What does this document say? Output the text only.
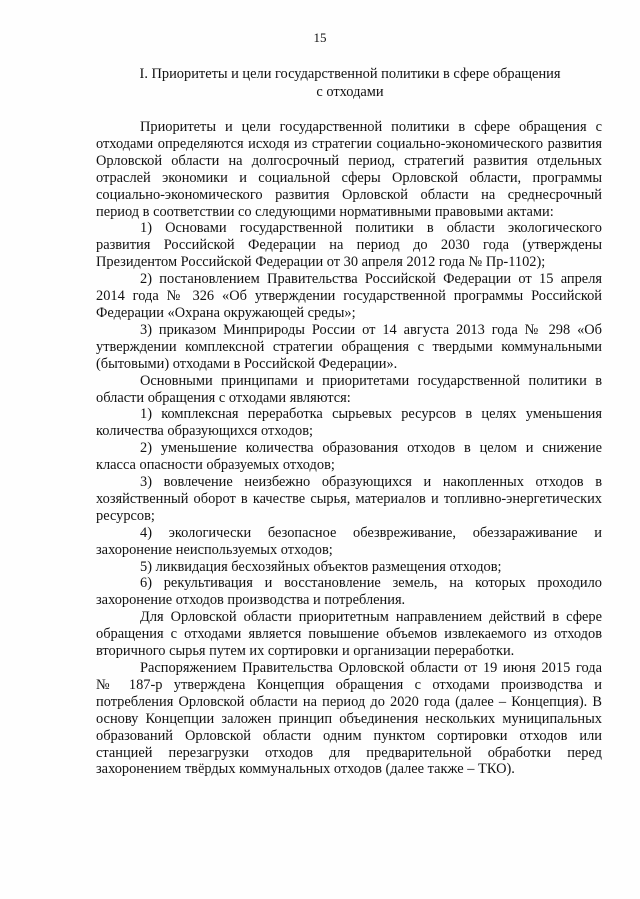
15
I. Приоритеты и цели государственной политики в сфере обращения
с отходами

Приоритеты и цели государственной политики в сфере обращения с отходами определяются исходя из стратегии социально-экономического развития Орловской области на долгосрочный период, стратегий развития отдельных отраслей экономики и социальной сферы Орловской области, программы социально-экономического развития Орловской области на среднесрочный период в соответствии со следующими нормативными правовыми актами:

1) Основами государственной политики в области экологического развития Российской Федерации на период до 2030 года (утверждены Президентом Российской Федерации от 30 апреля 2012 года № Пр-1102);

2) постановлением Правительства Российской Федерации от 15 апреля 2014 года № 326 «Об утверждении государственной программы Российской Федерации «Охрана окружающей среды»;

3) приказом Минприроды России от 14 августа 2013 года № 298 «Об утверждении комплексной стратегии обращения с твердыми коммунальными (бытовыми) отходами в Российской Федерации».

Основными принципами и приоритетами государственной политики в области обращения с отходами являются:

1) комплексная переработка сырьевых ресурсов в целях уменьшения количества образующихся отходов;

2) уменьшение количества образования отходов в целом и снижение класса опасности образуемых отходов;

3) вовлечение неизбежно образующихся и накопленных отходов в хозяйственный оборот в качестве сырья, материалов и топливно-энергетических ресурсов;

4) экологически безопасное обезвреживание, обеззараживание и захоронение неиспользуемых отходов;

5) ликвидация бесхозяйных объектов размещения отходов;

6) рекультивация и восстановление земель, на которых проходило захоронение отходов производства и потребления.

Для Орловской области приоритетным направлением действий в сфере обращения с отходами является повышение объемов извлекаемого из отходов вторичного сырья путем их сортировки и организации переработки.

Распоряжением Правительства Орловской области от 19 июня 2015 года № 187-р утверждена Концепция обращения с отходами производства и потребления Орловской области на период до 2020 года (далее – Концепция). В основу Концепции заложен принцип объединения нескольких муниципальных образований Орловской области одним пунктом сортировки отходов или станцией перезагрузки отходов для предварительной обработки перед захоронением твёрдых коммунальных отходов (далее также – ТКО).
